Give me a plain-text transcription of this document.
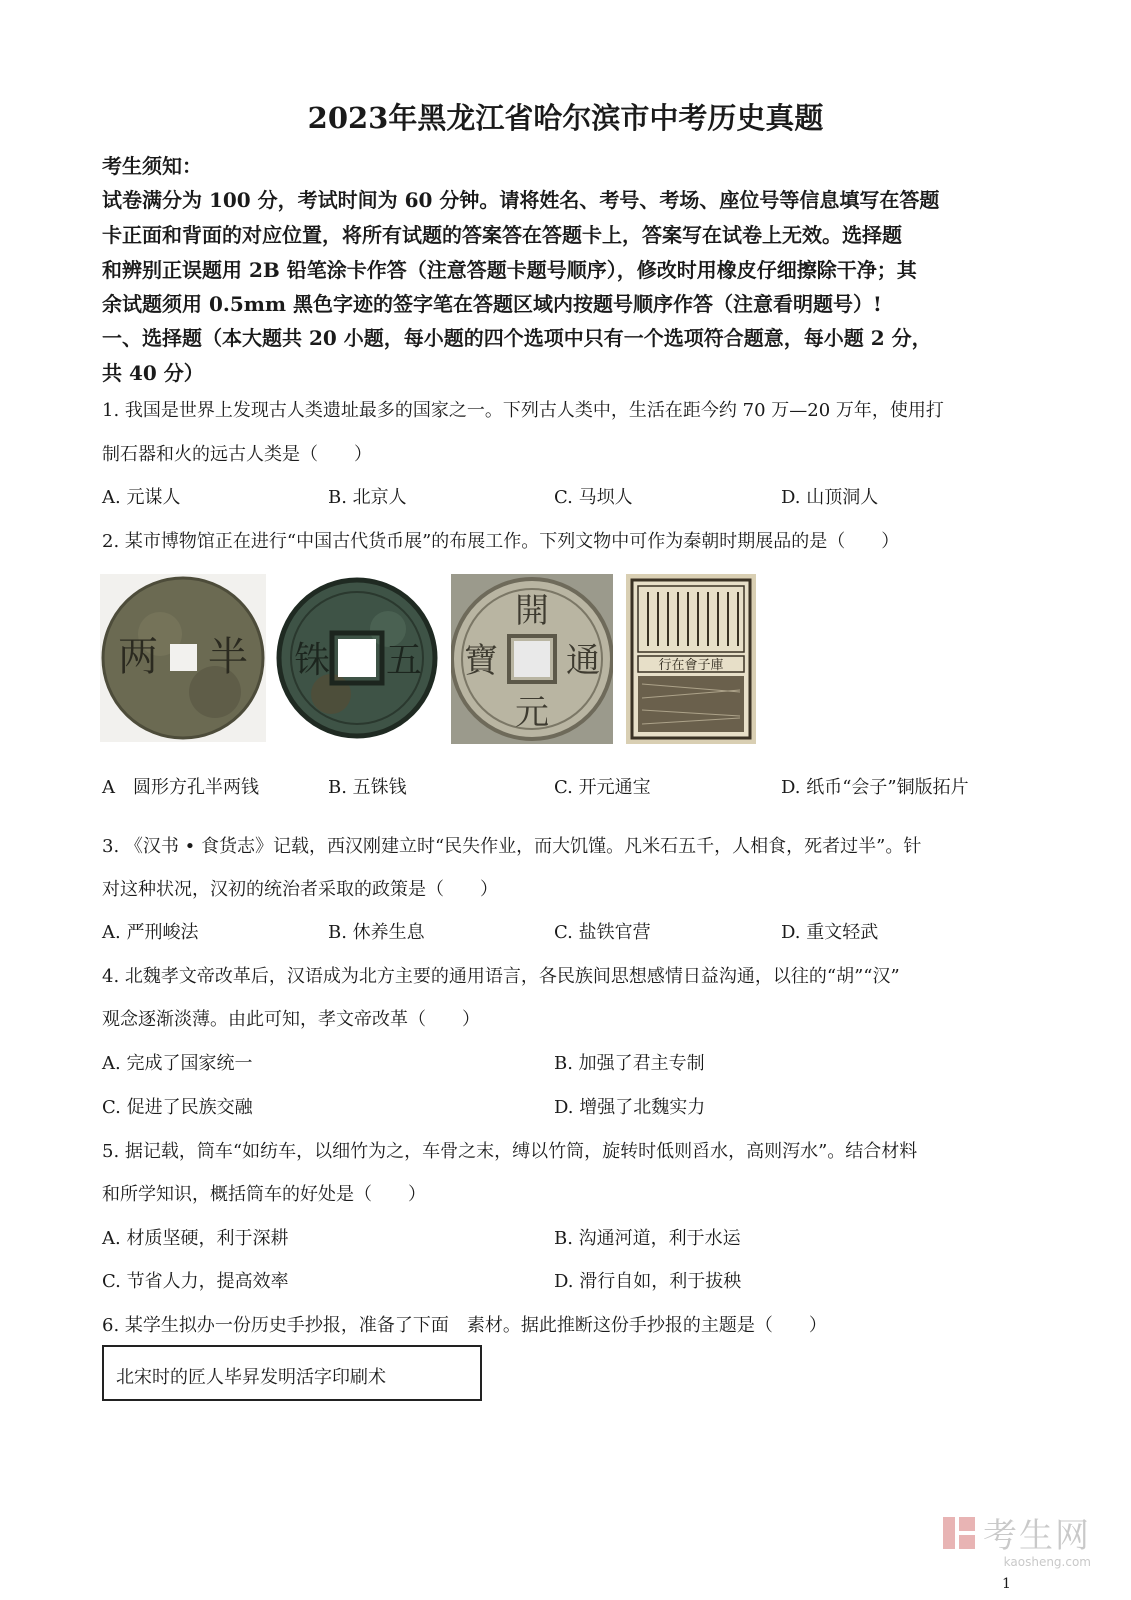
2023年黑龙江省哈尔滨市中考历史真题
考生须知：
试卷满分为 100 分，考试时间为 60 分钟。请将姓名、考号、考场、座位号等信息填写在答题
卡正面和背面的对应位置，将所有试题的答案答在答题卡上，答案写在试卷上无效。选择题
和辨别正误题用 2B 铅笔涂卡作答（注意答题卡题号顺序），修改时用橡皮仔细擦除干净；其
余试题须用 0.5mm 黑色字迹的签字笔在答题区域内按题号顺序作答（注意看明题号）!
一、选择题（本大题共 20 小题，每小题的四个选项中只有一个选项符合题意，每小题 2 分，
共 40 分）
1. 我国是世界上发现古人类遗址最多的国家之一。下列古人类中，生活在距今约 70 万—20 万年，使用打
制石器和火的远古人类是（　　）
A. 元谋人	B. 北京人	C. 马坝人	D. 山顶洞人
2. 某市博物馆正在进行“中国古代货币展”的布展工作。下列文物中可作为秦朝时期展品的是（　　）
两 半 铢 五
開
寶 通
元
行在會子庫
A　圆形方孔半两钱	B. 五铢钱	C. 开元通宝	D. 纸币“会子”铜版拓片
3. 《汉书 • 食货志》记载，西汉刚建立时“民失作业，而大饥馑。凡米石五千，人相食，死者过半”。针
对这种状况，汉初的统治者采取的政策是（　　）
A. 严刑峻法	B. 休养生息	C. 盐铁官营	D. 重文轻武
4. 北魏孝文帝改革后，汉语成为北方主要的通用语言，各民族间思想感情日益沟通，以往的“胡”“汉”
观念逐渐淡薄。由此可知，孝文帝改革（　　）
A. 完成了国家统一	B. 加强了君主专制
C. 促进了民族交融	D. 增强了北魏实力
5. 据记载，筒车“如纺车，以细竹为之，车骨之末，缚以竹筒，旋转时低则舀水，高则泻水”。结合材料
和所学知识，概括筒车的好处是（　　）
A. 材质坚硬，利于深耕	B. 沟通河道，利于水运
C. 节省人力，提高效率	D. 滑行自如，利于拔秧
6. 某学生拟办一份历史手抄报，准备了下面　素材。据此推断这份手抄报的主题是（　　）
北宋时的匠人毕昇发明活字印刷术
考生网
kaosheng.com
1
